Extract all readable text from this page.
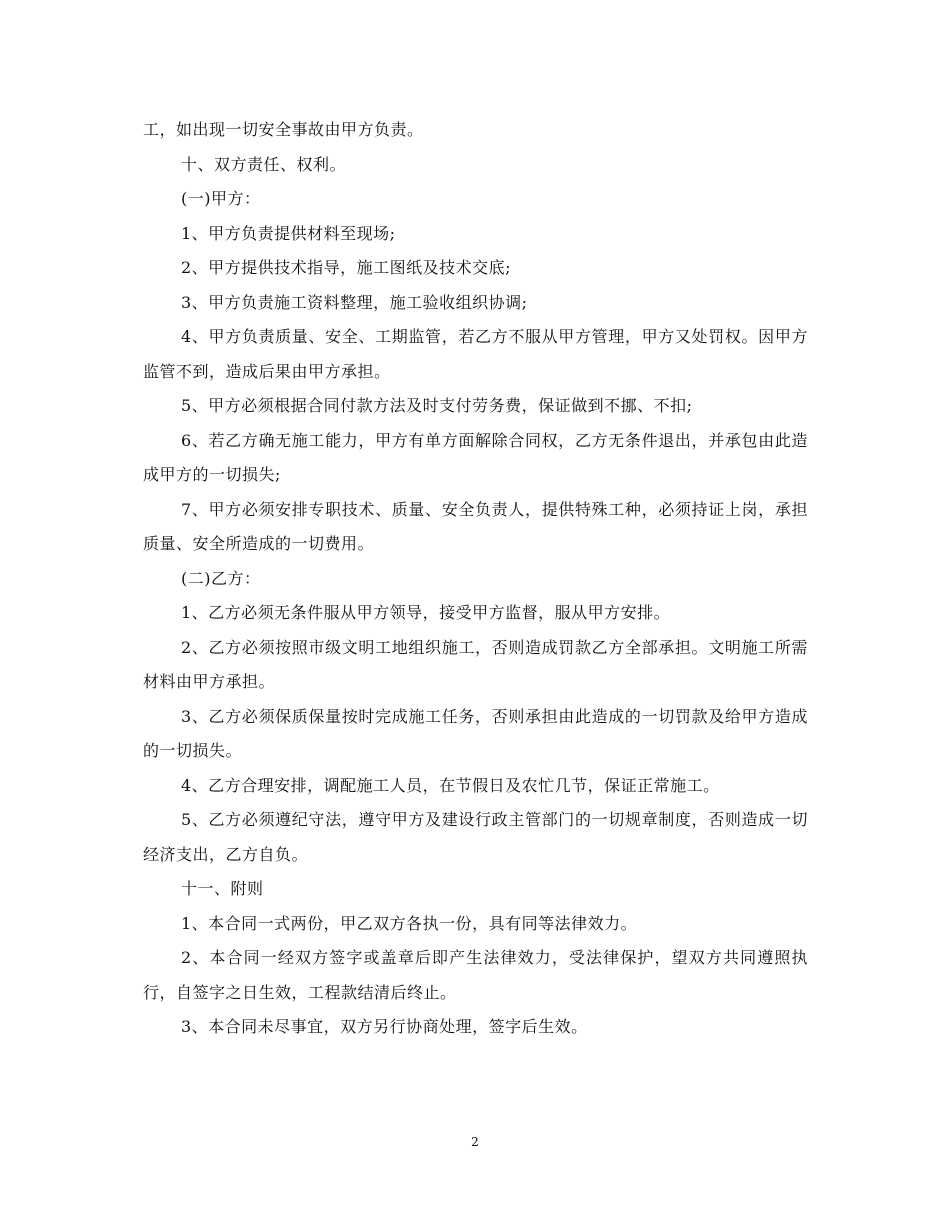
工，如出现一切安全事故由甲方负责。

十、双方责任、权利。

(一)甲方：

1、甲方负责提供材料至现场;

2、甲方提供技术指导，施工图纸及技术交底;

3、甲方负责施工资料整理，施工验收组织协调;

4、甲方负责质量、安全、工期监管，若乙方不服从甲方管理，甲方又处罚权。因甲方监管不到，造成后果由甲方承担。

5、甲方必须根据合同付款方法及时支付劳务费，保证做到不挪、不扣;

6、若乙方确无施工能力，甲方有单方面解除合同权，乙方无条件退出，并承包由此造成甲方的一切损失;

7、甲方必须安排专职技术、质量、安全负责人，提供特殊工种，必须持证上岗，承担质量、安全所造成的一切费用。

(二)乙方：

1、乙方必须无条件服从甲方领导，接受甲方监督，服从甲方安排。

2、乙方必须按照市级文明工地组织施工，否则造成罚款乙方全部承担。文明施工所需材料由甲方承担。

3、乙方必须保质保量按时完成施工任务，否则承担由此造成的一切罚款及给甲方造成的一切损失。

4、乙方合理安排，调配施工人员，在节假日及农忙几节，保证正常施工。

5、乙方必须遵纪守法，遵守甲方及建设行政主管部门的一切规章制度，否则造成一切经济支出，乙方自负。

十一、附则

1、本合同一式两份，甲乙双方各执一份，具有同等法律效力。

2、本合同一经双方签字或盖章后即产生法律效力，受法律保护，望双方共同遵照执行，自签字之日生效，工程款结清后终止。

3、本合同未尽事宜，双方另行协商处理，签字后生效。

2
